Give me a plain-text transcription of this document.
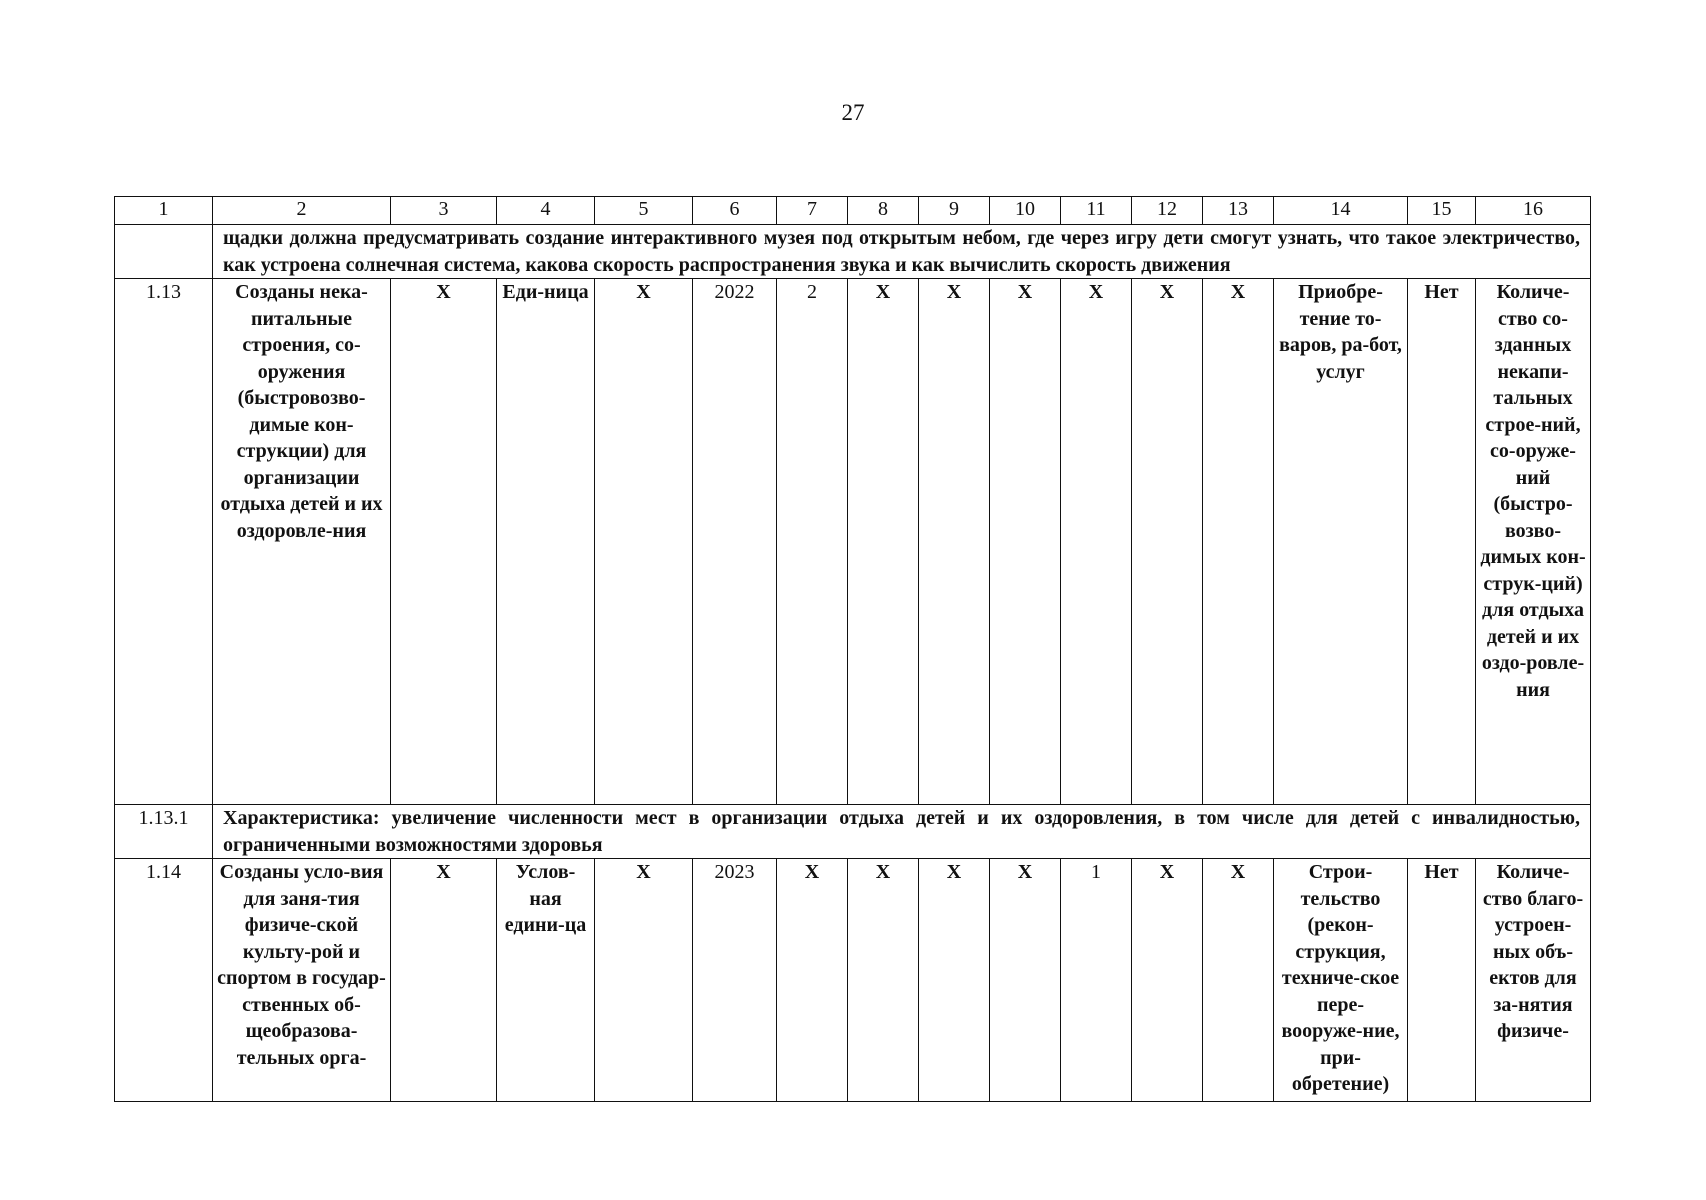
27
1	2	3	4	5	6	7	8	9	10	11	12	13	14	15	16
	щадки должна предусматривать создание интерактивного музея под открытым небом, где через игру дети смогут узнать, что такое электричество, как устроена солнечная система, какова скорость распространения звука и как вычислить скорость движения														
1.13	Созданы нека-питальные строения, со-оружения (быстровозво-димые кон-струкции) для организации отдыха детей и их оздоровле-ния	X	Еди-ница	X	2022	2	X	X	X	X	X	X	Приобре-тение то-варов, ра-бот, услуг	Нет	Количе-ство со-зданных некапи-тальных строе-ний, со-оруже-ний (быстро-возво-димых кон-струк-ций) для отдыха детей и их оздо-ровле-ния
1.13.1	Характеристика: увеличение численности мест в организации отдыха детей и их оздоровления, в том числе для детей с инвалидностью, ограниченными возможностями здоровья														
1.14	Созданы усло-вия для заня-тия физиче-ской культу-рой и спортом в государ-ственных об-щеобразова-тельных орга-	X	Услов-ная едини-ца	X	2023	X	X	X	X	1	X	X	Строи-тельство (рекон-струкция, техниче-ское пере-вооруже-ние, при-обретение)	Нет	Количе-ство благо-устроен-ных объ-ектов для за-нятия физиче-
